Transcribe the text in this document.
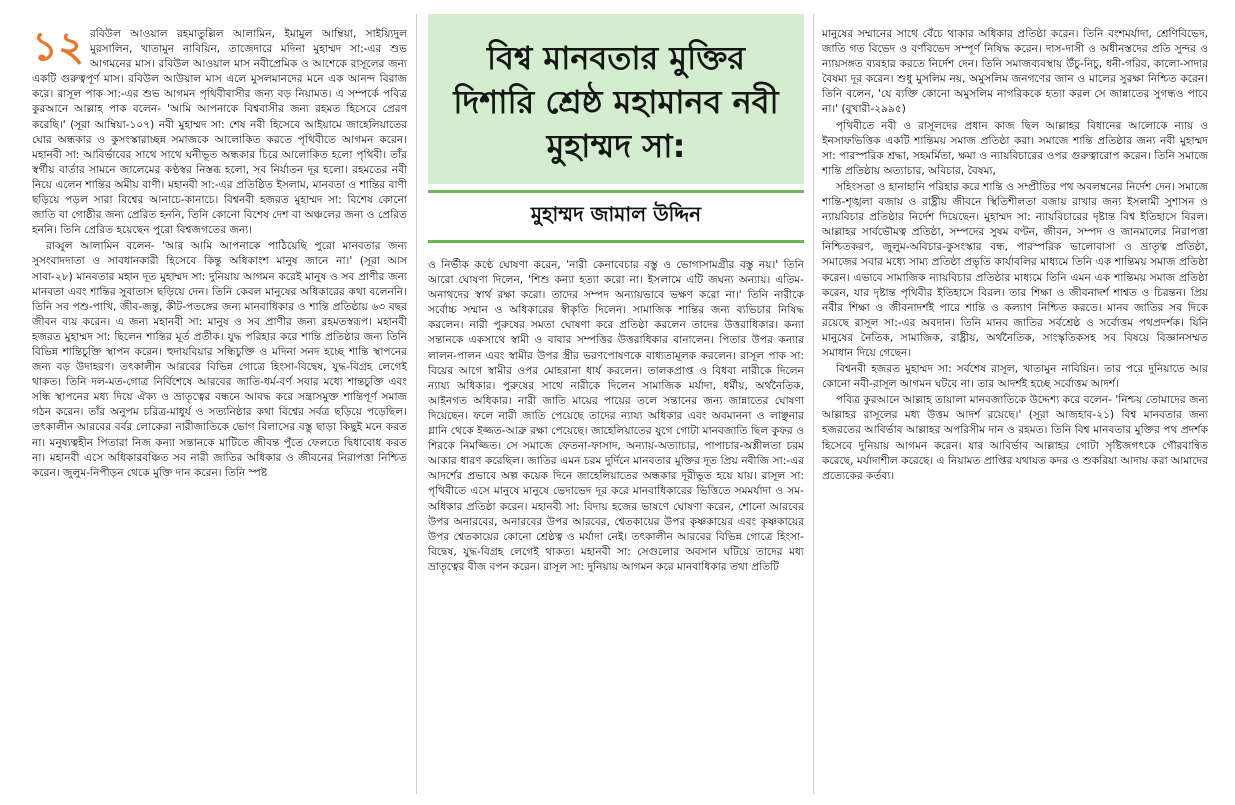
১২ রবিউল আওয়াল রহমাতুল্লিল আলামিন, ইমামুল আম্বিয়া, সাইয়্যিদুল মুরসালিন, খাতামুন নাবিয়িন, তাজেদারে মদিনা মুহাম্মদ সা:-এর শুভ আগমনের মাস। রবিউল আওয়াল মাস নবীপ্রেমিক ও আশেকে রাসূলের জন্য একটি গুরুত্বপূর্ণ মাস। রবিউল আউয়াল মাস এলে মুসলমানদের মনে এক আনন্দ বিরাজ করে। রাসূল পাক সা:-এর শুভ আগমন পৃথিবীবাসীর জন্য বড় নিয়ামত। এ সম্পর্কে পবিত্র কুরআনে আল্লাহ পাক বলেন- 'আমি আপনাকে বিশ্ববাসীর জন্য রহমত হিসেবে প্রেরণ করেছি।' (সূরা আম্বিয়া-১০৭) নবী মুহাম্মদ সা: শেষ নবী হিসেবে আইয়ামে জাহেলিয়াতের ঘোর অন্ধকার ও কুসংস্কারাচ্ছন্ন সমাজকে আলোকিত করতে পৃথিবীতে আগমন করেন। মহানবী সা: আবির্ভাবের সাথে সাথে ঘনীভূত অন্ধকার চিরে আলোকিত হলো পৃথিবী। তাঁর স্বর্গীয় বার্তার সামনে জালেমের কণ্ঠস্বর নিস্তব্ধ হলো, সব নির্যাতন দূর হলো। রহমতের নবী নিয়ে এলেন শান্তির অমীয় বাণী। মহানবী সা:-এর প্রতিষ্ঠিত ইসলাম, মানবতা ও শান্তির বাণী ছড়িয়ে পড়ল সারা বিশ্বের আনাচে-কানাচে। বিশ্বনবী হজরত মুহাম্মদ সা: বিশেষ কোনো জাতি বা গোষ্ঠীর জন্য প্রেরিত হননি, তিনি কোনো বিশেষ দেশ বা অঞ্চলের জন্য ও প্রেরিত হননি। তিনি প্রেরিত হয়েছেন পুরো বিশ্বজগতের জন্য।

রাব্বুল আলামিন বলেন- 'আর আমি আপনাকে পাঠিয়েছি পুরো মানবতার জন্য সুসংবাদদাতা ও সাবধানকারী হিসেবে কিন্তু অধিকাংশ মানুষ জানে না।' (সূরা আস সাবা-২৮) মানবতার মহান দূত মুহাম্মদ সা: দুনিয়ায় আগমন করেই মানুষ ও সব প্রাণীর জন্য মানবতা এবং শান্তির সুবাতাস ছড়িয়ে দেন। তিনি কেবল মানুষের অধিকারের কথা বলেননি। তিনি সব পশু-পাখি, জীব-জন্তু, কীট-পতঙ্গের জন্য মানবাধিকার ও শান্তি প্রতিষ্ঠায় ৬৩ বছর জীবন ব্যয় করেন। এ জন্য মহানবী সা: মানুষ ও সব প্রাণীর জন্য রহমতস্বরূপ। মহানবী হজরত মুহাম্মদ সা: ছিলেন শান্তির মূর্ত প্রতীক। যুদ্ধ পরিহার করে শান্তি প্রতিষ্ঠার জন্য তিনি বিভিন্ন শান্তিচুক্তি স্থাপন করেন। হুদায়বিয়ার সন্ধিচুক্তি ও মদিনা সনদ হচ্ছে শান্তি স্থাপনের জন্য বড় উদাহরণ। তৎকালীন আরবের বিভিন্ন গোত্রে হিংসা-বিদ্বেষ, যুদ্ধ-বিগ্রহ লেগেই থাকত। তিনি দল-মত-গোত্র নির্বিশেষে আরবের জাতি-ধর্ম-বর্ণ সবার মধ্যে শান্তচুক্তি এবং সন্ধি স্থাপনের মধ্য দিয়ে ঐক্য ও ভ্রাতৃত্বের বন্ধনে আবদ্ধ করে সন্ত্রাসমুক্ত শান্তিপূর্ণ সমাজ গঠন করেন। তাঁর অনুপম চরিত্র-মাধুর্য ও সত্যনিষ্ঠার কথা বিশ্বের সর্বত্র ছড়িয়ে পড়েছিল। তৎকালীন আরবের বর্বর লোকেরা নারীজাতিকে ভোগ বিলাসের বস্তু ছাড়া কিছুই মনে করত না। মনুষ্যত্বহীন পিতারা নিজ কন্যা সন্তানকে মাটিতে জীবন্ত পুঁতে ফেলতে দ্বিধাবোধ করত না। মহানবী এসে অধিকারবঞ্চিত সব নারী জাতির অধিকার ও জীবনের নিরাপত্তা নিশ্চিত করেন। জুলুম-নিপীড়ন থেকে মুক্তি দান করেন। তিনি স্পষ্ট

বিশ্ব মানবতার মুক্তির দিশারি শ্রেষ্ঠ মহামানব নবী মুহাম্মদ সা:
মুহাম্মদ জামাল উদ্দিন

ও নির্ভীক কণ্ঠে ঘোষণা করেন, 'নারী কেনাবেচার বস্তু ও ভোগাসামগ্রীর বস্তু নয়।' তিনি আরো ঘোষণা দিলেন, 'শিশু কন্যা হত্যা করো না। ইসলামে এটি জঘন্য অন্যায়। এতিম-অনাথদের স্বার্থ রক্ষা করো। তাদের সম্পদ অন্যায়ভাবে ভক্ষণ করো না।' তিনি নারীকে সর্বোচ্চ সম্মান ও অধিকারের স্বীকৃতি দিলেন। সামাজিক শান্তির জন্য ব্যভিচার নিষিদ্ধ করলেন। নারী পুরুষের সমতা ঘোষণা করে প্রতিষ্ঠা করলেন তাদের উত্তরাধিকার। কন্যা সন্তানকে একসাথে স্বামী ও বাবার সম্পত্তির উত্তরাধিকার বানালেন। পিতার উপর কন্যার লালন-পালন এবং স্বামীর উপর স্ত্রীর ভরণপোষণকে বাধ্যতামূলক করলেন। রাসূল পাক সা: বিয়ের আগে স্বামীর ওপর মোহরানা ধার্য করলেন। তালকপ্রাপ্ত ও বিধবা নারীকে দিলেন ন্যায্য অধিকার। পুরুষের সাথে নারীকে দিলেন সামাজিক মর্যাদা, ধর্মীয়, অর্থনৈতিক, আইনগত অধিকার। নারী জাতি মায়ের পায়ের তলে সন্তানের জন্য জান্নাতের ঘোষণা দিয়েছেন। ফলে নারী জাতি পেয়েছে তাদের ন্যায্য অধিকার এবং অবমাননা ও লাঞ্ছনার গ্লানি থেকে ইজ্জত-আব্রু রক্ষা পেয়েছে। জাহেলিয়াতের যুগে গোটা মানবজাতি ছিল কুফর ও শিরকে নিমজ্জিত। সে সমাজে ফেতনা-ফাসাদ, অন্যায়-অত্যাচার, পাপাচার-অশ্লীলতা চরম আকার ধারণ করেছিল। জাতির এমন চরম দুর্দিনে মানবতার মুক্তির দূত প্রিয় নবীজি সা:-এর আদর্শের প্রভাবে অল্প কয়েক দিনে জাহেলিয়াতের অন্ধকার দূরীভূত হয়ে যায়। রাসূল সা: পৃথিবীতে এসে মানুষে মানুষে ভেদাভেদ দূর করে মানবাধিকারের ভিত্তিতে সমমর্যাদা ও সম-অধিকার প্রতিষ্ঠা করেন। মহানবী সা: বিদায় হজের ভাষণে ঘোষণা করেন, শোনো আরবের উপর অনারবের, অনারবের উপর আরবের, শ্বেতকায়ের উপর কৃষ্ণকায়ের এবং কৃষ্ণকায়ের উপর শ্বেতকায়ের কোনো শ্রেষ্ঠত্ব ও মর্যাদা নেই। তৎকালীন আরবের বিভিন্ন গোত্রে হিংসা-বিদ্বেষ, যুদ্ধ-বিগ্রহ লেগেই থাকত। মহানবী সা: সেগুলোর অবসান ঘটিয়ে তাদের মধ্য ভ্রাতৃত্বের বীজ বপন করেন। রাসূল সা: দুনিয়ায় আগমন করে মানবাধিকার তথা প্রতিটি

মানুষের সম্মানের সাথে বেঁচে থাকার অধিকার প্রতিষ্ঠা করেন। তিনি বংশমর্যাদা, শ্রেণিবিভেদ, জাতি গত বিভেদ ও বর্ণবিভেদ সম্পূর্ণ নিষিদ্ধ করেন। দাস-দাসী ও অধীনস্তদের প্রতি সুন্দর ও ন্যায়সঙ্গত ব্যবহার করতে নির্দেশ দেন। তিনি সমাজব্যবস্থায় উঁচু-নিচু, ধনী-গরিব, কালো-সাদার বৈষম্য দূর করেন। শুধু মুসলিম নয়, অমুসলিম জনগণের জান ও মালের সুরক্ষা নিশ্চিত করেন। তিনি বলেন, 'যে ব্যক্তি কোনো অমুসলিম নাগরিককে হত্যা করল সে জান্নাতের সুগন্ধও পাবে না।' (বুখারী-২৯৯৫)

পৃথিবীতে নবী ও রাসূলদের প্রধান কাজ ছিল আল্লাহর বিধানের আলোকে ন্যায় ও ইনসাফভিত্তিক একটি শান্তিময় সমাজ প্রতিষ্ঠা করা। সমাজে শান্তি প্রতিষ্ঠার জন্য নবী মুহাম্মদ সা: পারস্পরিক শ্রদ্ধা, সহমর্মিতা, ক্ষমা ও ন্যায়বিচারের ওপর গুরুত্বারোপ করেন। তিনি সমাজে শান্তি প্রতিষ্ঠায় অত্যাচার, অবিচার, বৈষম্য,

সহিংসতা ও হানাহানি পরিহার করে শান্তি ও সম্প্রীতির পথ অবলম্বনের নির্দেশ দেন। সমাজে শান্তি-শৃঙ্খলা বজায় ও রাষ্ট্রীয় জীবনে স্থিতিশীলতা বজায় রাখার জন্য ইসলামী সুশাসন ও ন্যায়বিচার প্রতিষ্ঠার নির্দেশ দিয়েছেন। মুহাম্মদ সা: ন্যায়বিচারের দৃষ্টান্ত বিশ্ব ইতিহাসে বিরল। আল্লাহর সার্বভৌমত্ব প্রতিষ্ঠা, সম্পদের সুষম বণ্টন, জীবন, সম্পদ ও জানমালের নিরাপত্তা নিশ্চিতকরণ, জুলুম-অবিচার-কুসংস্কার বন্ধ, পারস্পরিক ভালোবাসা ও ভ্রাতৃত্ব প্রতিষ্ঠা, সমাজের সবার মধ্যে সাম্য প্রতিষ্ঠা প্রভৃতি কার্যাবলির মাধ্যমে তিনি এক শান্তিময় সমাজ প্রতিষ্ঠা করেন। এভাবে সামাজিক ন্যায়বিচার প্রতিষ্ঠার মাধ্যমে তিনি এমন এক শান্তিময় সমাজ প্রতিষ্ঠা করেন, যার দৃষ্টান্ত পৃথিবীর ইতিহাসে বিরল। তার শিক্ষা ও জীবনাদর্শ শাশ্বত ও চিরন্তন। প্রিয় নবীর শিক্ষা ও জীবনাদর্শই পারে শান্তি ও কল্যাণ নিশ্চিত করতে। মানব জাতির সব দিকে রয়েছে রাসূল সা:-এর অবদান। তিনি মানব জাতির সর্বশ্রেষ্ঠ ও সর্বোত্তম পথপ্রদর্শক। যিনি মানুষের নৈতিক, সামাজিক, রাষ্ট্রীয়, অর্থনৈতিক, সাংস্কৃতিকসহ সব বিষয়ে বিজ্ঞানসম্মত সমাধান দিয়ে গেছেন।

বিশ্বনবী হজরত মুহাম্মদ সা: সর্বশেষ রাসূল, খাতামুন নাবিয়িন। তার পরে দুনিয়াতে আর কোনো নবী-রাসূল আগমন ঘটবে না। তার আদর্শই হচ্ছে সর্বোত্তম আদর্শ।

পবিত্র কুরআনে আল্লাহ তায়ালা মানবজাতিকে উদ্দেশ্য করে বলেন- 'নিশ্চয় তোমাদের জন্য আল্লাহর রাসূলের মধ্য উত্তম আদর্শ রয়েছে।' (সূরা আজহাব-২১) বিশ্ব মানবতার জন্য হজরতের আবির্ভাব আল্লাহর অপরিসীম দান ও রহমত। তিনি বিশ্ব মানবতার মুক্তির পথ প্রদর্শক হিসেবে দুনিয়ায় আগমন করেন। যার আবির্ভাব আল্লাহর গোটা সৃষ্টিজগৎকে গৌরবান্বিত করেছে, মর্যাদাশীল করেছে। এ নিয়ামত প্রাপ্তির যথাযত কদর ও শুকরিয়া আদায় করা আমাদের প্রত্যেকের কর্তব্য।
